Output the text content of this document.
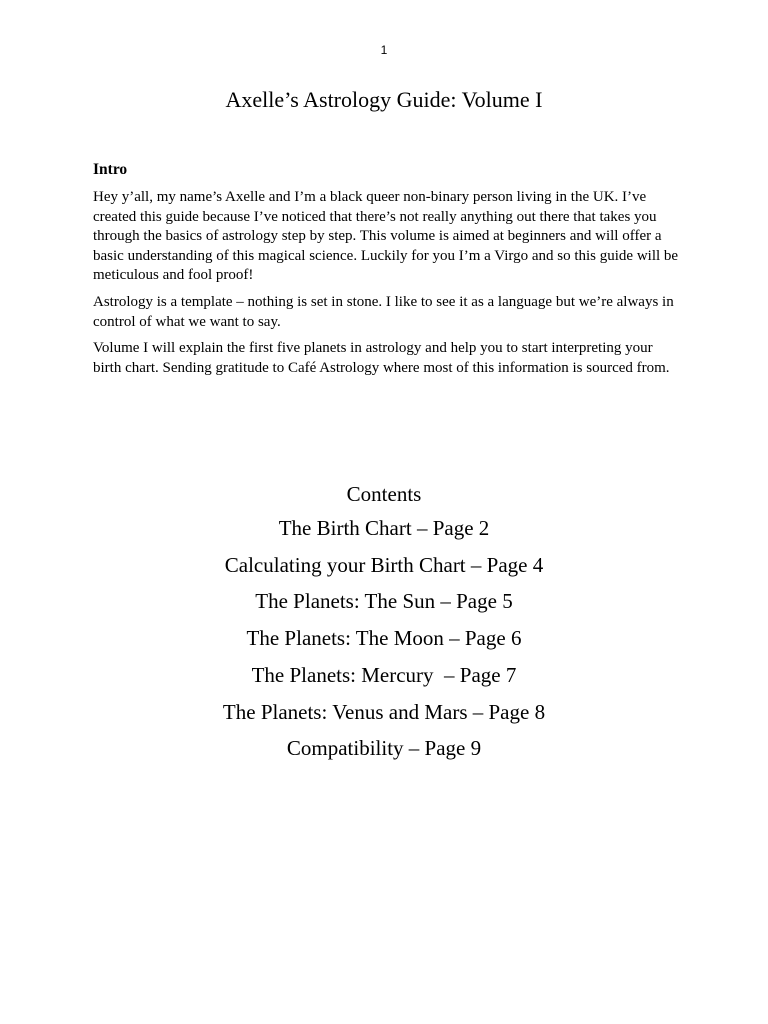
1
Axelle’s Astrology Guide: Volume I
Intro

Hey y’all, my name’s Axelle and I’m a black queer non-binary person living in the UK. I’ve created this guide because I’ve noticed that there’s not really anything out there that takes you through the basics of astrology step by step. This volume is aimed at beginners and will offer a basic understanding of this magical science. Luckily for you I’m a Virgo and so this guide will be meticulous and fool proof!

Astrology is a template – nothing is set in stone. I like to see it as a language but we’re always in control of what we want to say.

Volume I will explain the first five planets in astrology and help you to start interpreting your birth chart. Sending gratitude to Café Astrology where most of this information is sourced from.

Contents
The Birth Chart – Page 2
Calculating your Birth Chart – Page 4
The Planets: The Sun – Page 5
The Planets: The Moon – Page 6
The Planets: Mercury  – Page 7
The Planets: Venus and Mars – Page 8
Compatibility – Page 9
